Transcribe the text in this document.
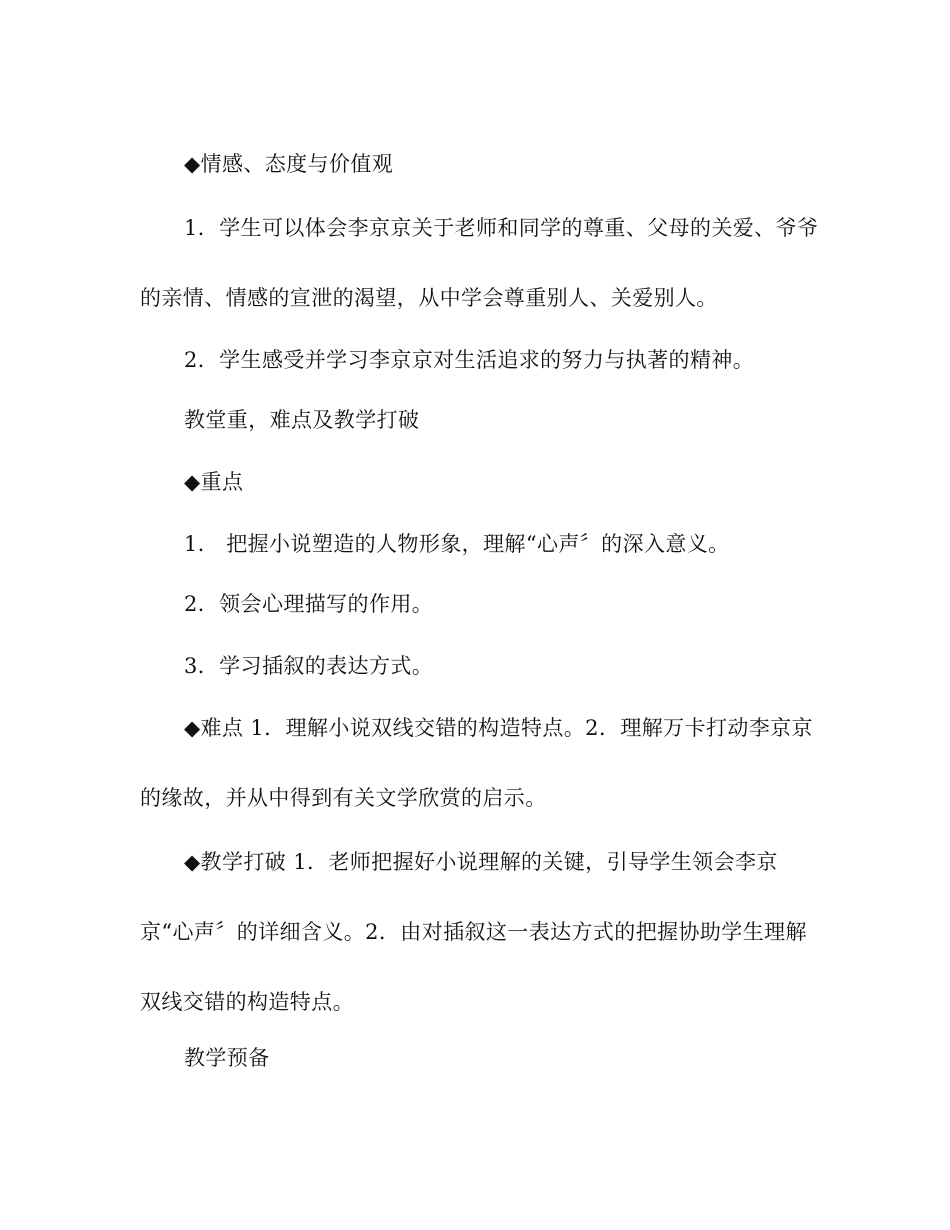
◆情感、态度与价值观

1．学生可以体会李京京关于老师和同学的尊重、父母的关爱、爷爷的亲情、情感的宣泄的渴望，从中学会尊重别人、关爱别人。

2．学生感受并学习李京京对生活追求的努力与执著的精神。

教堂重，难点及教学打破

◆重点

1． 把握小说塑造的人物形象，理解“心声〞的深入意义。

2．领会心理描写的作用。

3．学习插叙的表达方式。

◆难点 1．理解小说双线交错的构造特点。2．理解万卡打动李京京的缘故，并从中得到有关文学欣赏的启示。

◆教学打破 1．老师把握好小说理解的关键，引导学生领会李京京“心声〞的详细含义。2．由对插叙这一表达方式的把握协助学生理解双线交错的构造特点。

教学预备
